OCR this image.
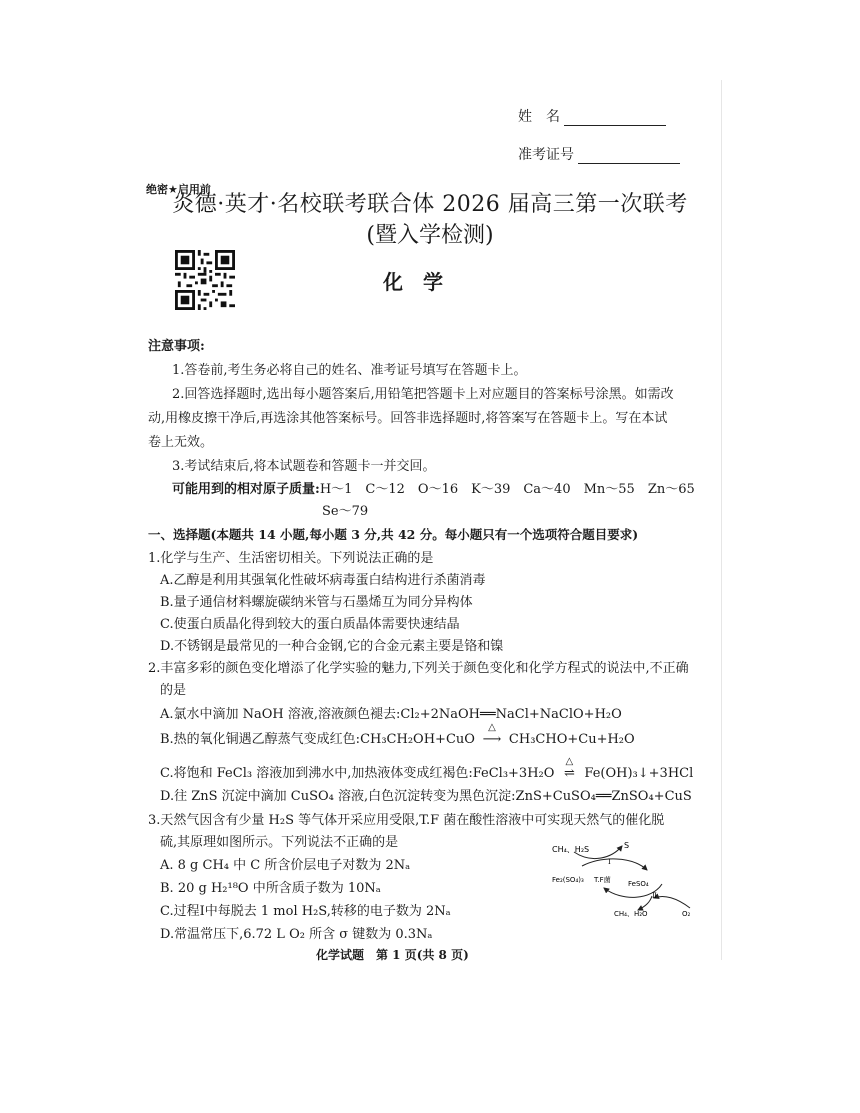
姓　名
准考证号
绝密★启用前
炎德·英才·名校联考联合体 2026 届高三第一次联考
(暨入学检测)
化　学
注意事项:
1.答卷前,考生务必将自己的姓名、准考证号填写在答题卡上。
2.回答选择题时,选出每小题答案后,用铅笔把答题卡上对应题目的答案标号涂黑。如需改
动,用橡皮擦干净后,再选涂其他答案标号。回答非选择题时,将答案写在答题卡上。写在本试
卷上无效。
3.考试结束后,将本试题卷和答题卡一并交回。
可能用到的相对原子质量:H～1　C～12　O～16　K～39　Ca～40　Mn～55　Zn～65
Se～79
一、选择题(本题共 14 小题,每小题 3 分,共 42 分。每小题只有一个选项符合题目要求)
1.化学与生产、生活密切相关。下列说法正确的是
A.乙醇是利用其强氧化性破坏病毒蛋白结构进行杀菌消毒
B.量子通信材料螺旋碳纳米管与石墨烯互为同分异构体
C.使蛋白质晶化得到较大的蛋白质晶体需要快速结晶
D.不锈钢是最常见的一种合金钢,它的合金元素主要是铬和镍
2.丰富多彩的颜色变化增添了化学实验的魅力,下列关于颜色变化和化学方程式的说法中,不正确
的是
A.氯水中滴加 NaOH 溶液,溶液颜色褪去:Cl₂+2NaOH══NaCl+NaClO+H₂O
B.热的氧化铜遇乙醇蒸气变成红色:CH₃CH₂OH+CuO
△
⟶ CH₃CHO+Cu+H₂O
C.将饱和 FeCl₃ 溶液加到沸水中,加热液体变成红褐色:FeCl₃+3H₂O
△
⇌ Fe(OH)₃↓+3HCl
D.往 ZnS 沉淀中滴加 CuSO₄ 溶液,白色沉淀转变为黑色沉淀:ZnS+CuSO₄══ZnSO₄+CuS
3.天然气因含有少量 H₂S 等气体开采应用受限,T.F 菌在酸性溶液中可实现天然气的催化脱
硫,其原理如图所示。下列说法不正确的是
A. 8 g CH₄ 中 C 所含价层电子对数为 2Nₐ
B. 20 g H₂¹⁸O 中所含质子数为 10Nₐ
C.过程Ⅰ中每脱去 1 mol H₂S,转移的电子数为 2Nₐ
D.常温常压下,6.72 L O₂ 所含 σ 键数为 0.3Nₐ
CH₄、H₂S	S
Ⅰ
Fe₂(SO₄)₃ T.F菌 FeSO₄
Ⅱ
CH₄、H₂O	O₂
化学试题　第 1 页(共 8 页)
